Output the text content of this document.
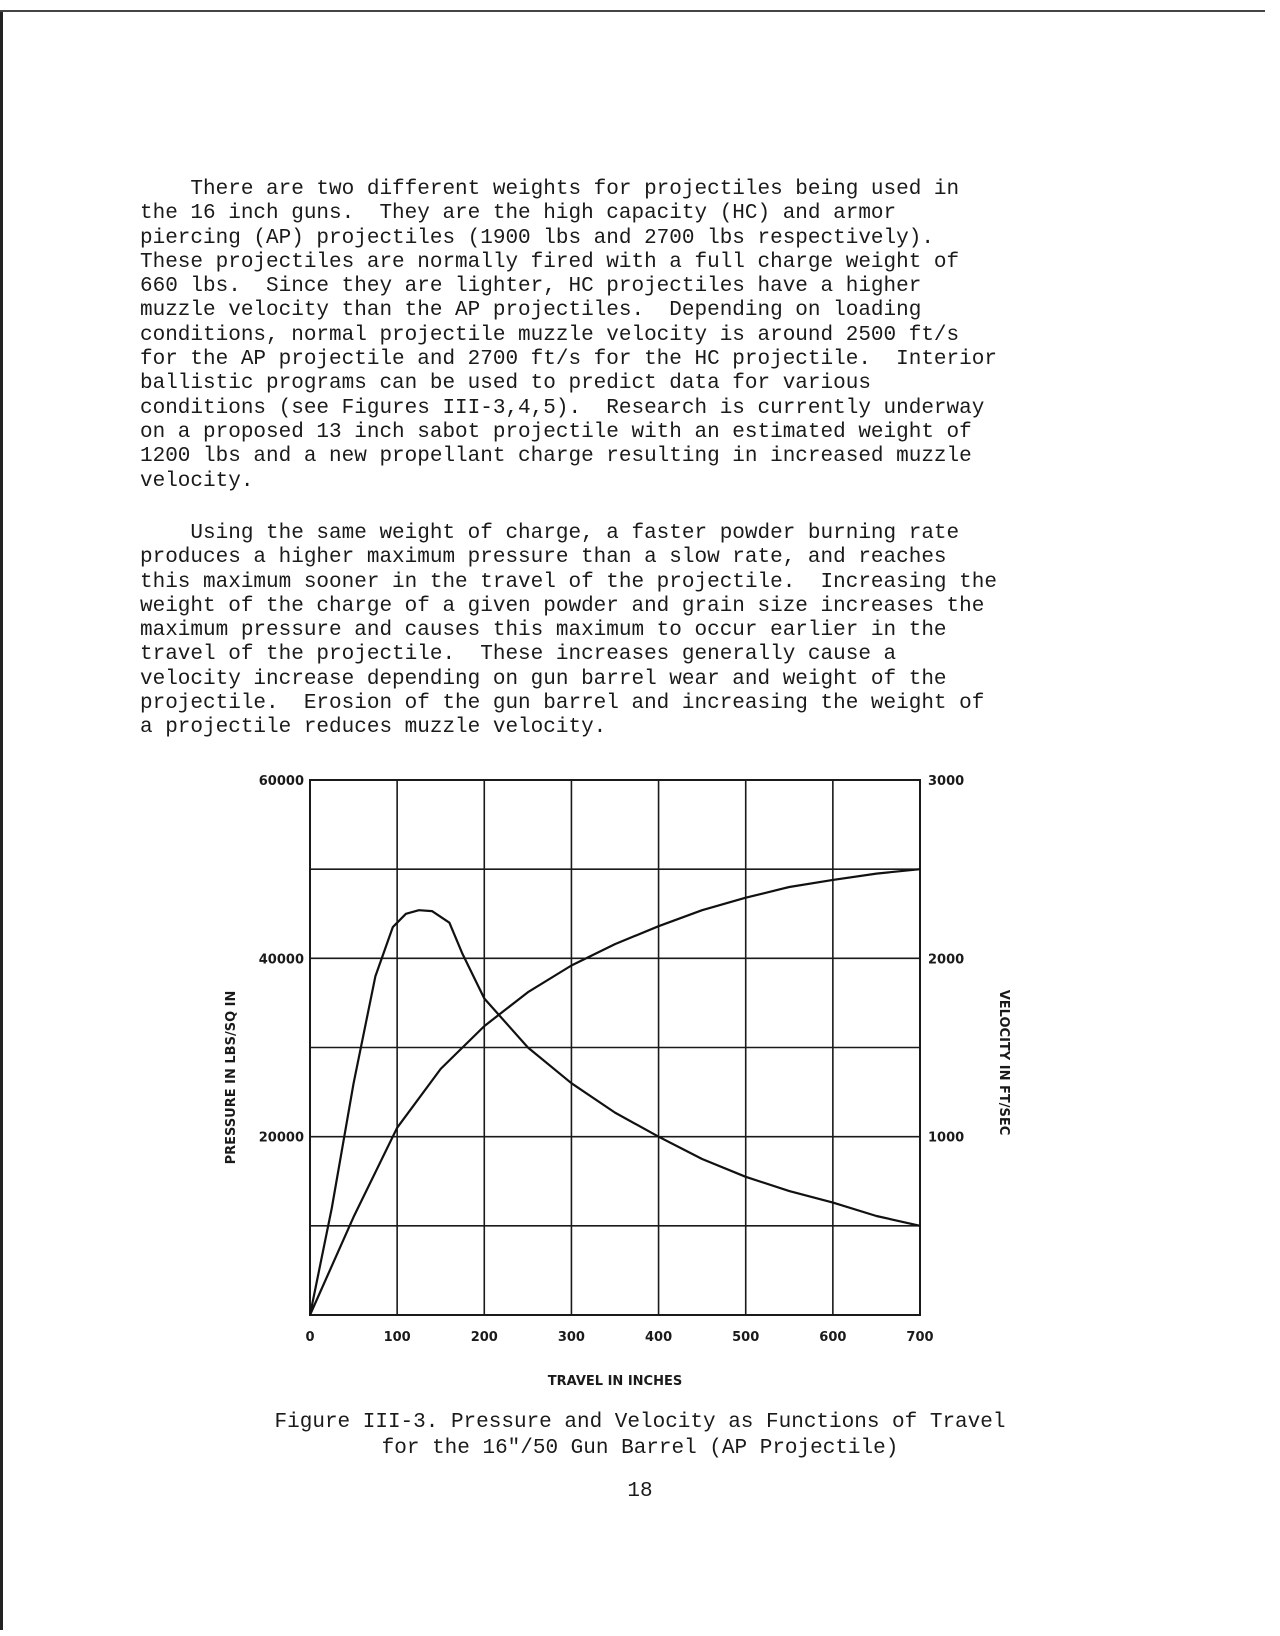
There are two different weights for projectiles being used in
the 16 inch guns.  They are the high capacity (HC) and armor
piercing (AP) projectiles (1900 lbs and 2700 lbs respectively).
These projectiles are normally fired with a full charge weight of
660 lbs.  Since they are lighter, HC projectiles have a higher
muzzle velocity than the AP projectiles.  Depending on loading
conditions, normal projectile muzzle velocity is around 2500 ft/s
for the AP projectile and 2700 ft/s for the HC projectile.  Interior
ballistic programs can be used to predict data for various
conditions (see Figures III-3,4,5).  Research is currently underway
on a proposed 13 inch sabot projectile with an estimated weight of
1200 lbs and a new propellant charge resulting in increased muzzle
velocity.

Using the same weight of charge, a faster powder burning rate
produces a higher maximum pressure than a slow rate, and reaches
this maximum sooner in the travel of the projectile.  Increasing the
weight of the charge of a given powder and grain size increases the
maximum pressure and causes this maximum to occur earlier in the
travel of the projectile.  These increases generally cause a
velocity increase depending on gun barrel wear and weight of the
projectile.  Erosion of the gun barrel and increasing the weight of
a projectile reduces muzzle velocity.

0	100	200	300	400	500	600	700
20000
40000
60000
1000
2000
3000
TRAVEL IN INCHES
PRESSURE IN LBS/SQ IN	VELOCITY IN FT/SEC
Figure III-3. Pressure and Velocity as Functions of Travel
for the 16"/50 Gun Barrel (AP Projectile)
18
